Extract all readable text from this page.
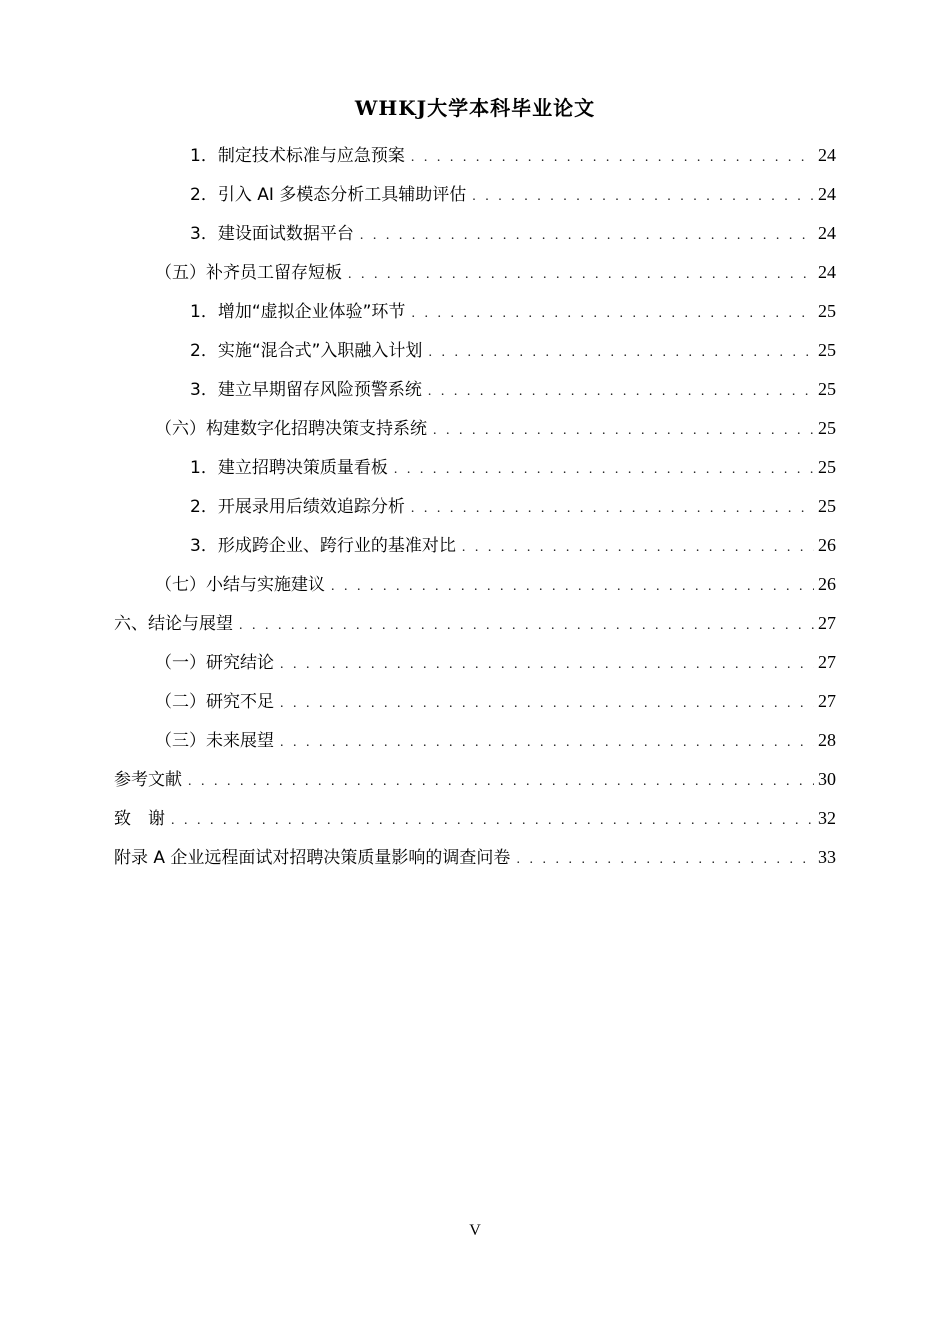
WHKJ大学本科毕业论文
1．制定技术标准与应急预案 . . .	24
2．引入 AI 多模态分析工具辅助评估 . . .	24
3．建设面试数据平台 . . .	24
（五）补齐员工留存短板 . . .	24
1．增加“虚拟企业体验”环节 . . .	25
2．实施“混合式”入职融入计划 . . .	25
3．建立早期留存风险预警系统 . . .	25
（六）构建数字化招聘决策支持系统 . . .	25
1．建立招聘决策质量看板 . . .	25
2．开展录用后绩效追踪分析 . . .	25
3．形成跨企业、跨行业的基准对比 . . .	26
（七）小结与实施建议 . . .	26
六、结论与展望 . . .	27
（一）研究结论 . . .	27
（二）研究不足 . . .	27
（三）未来展望 . . .	28
参考文献 . . .	30
致　谢 . . .	32
附录 A 企业远程面试对招聘决策质量影响的调查问卷 . . .	33
V
